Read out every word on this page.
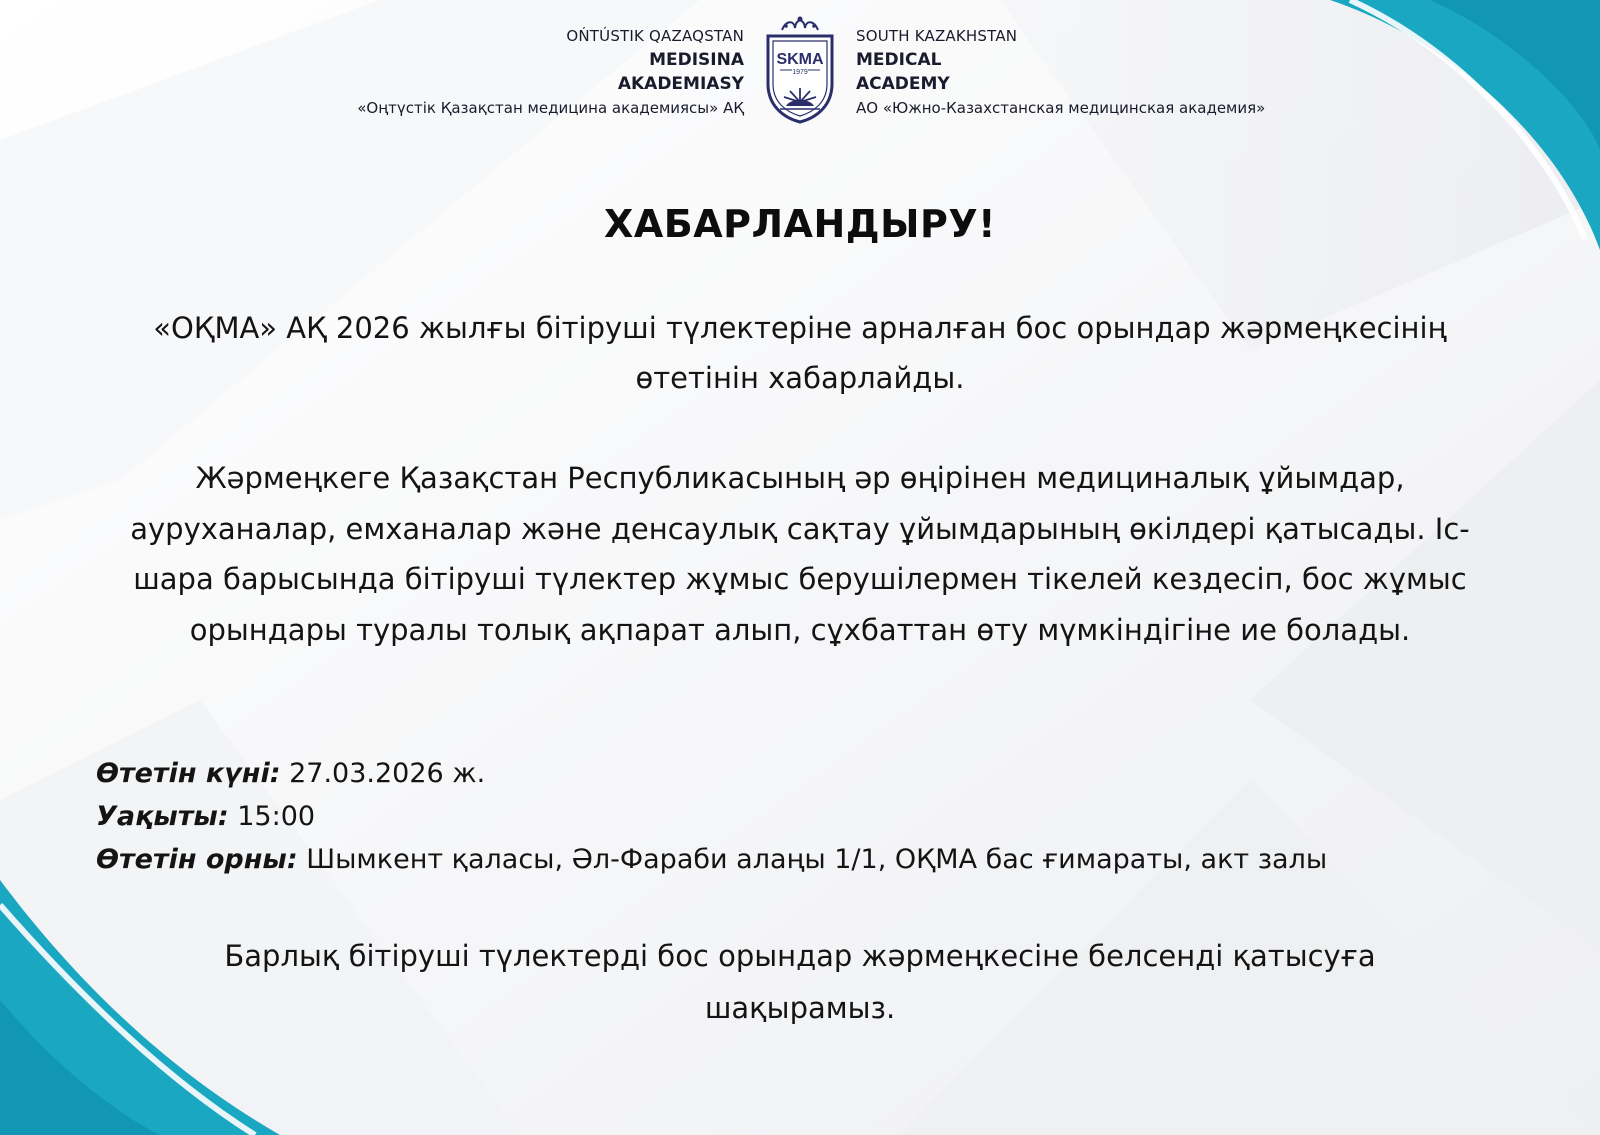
OŃTÚSTIK QAZAQSTAN
MEDISINA
AKADEMIASY
«Оңтүстік Қазақстан медицина академиясы» АҚ
SKMA
1979
SOUTH KAZAKHSTAN
MEDICAL
ACADEMY
АО «Южно-Казахстанская медицинская академия»
ХАБАРЛАНДЫРУ!
«ОҚМА» АҚ 2026 жылғы бітіруші түлектеріне арналған бос орындар жәрмеңкесінің өтетінін хабарлайды.
Жәрмеңкеге Қазақстан Республикасының әр өңірінен медициналық ұйымдар, ауруханалар, емханалар және денсаулық сақтау ұйымдарының өкілдері қатысады. Іс-шара барысында бітіруші түлектер жұмыс берушілермен тікелей кездесіп, бос жұмыс орындары туралы толық ақпарат алып, сұхбаттан өту мүмкіндігіне ие болады.
Өтетін күні: 27.03.2026 ж.
Уақыты: 15:00
Өтетін орны: Шымкент қаласы, Әл-Фараби алаңы 1/1, ОҚМА бас ғимараты, акт залы
Барлық бітіруші түлектерді бос орындар жәрмеңкесіне белсенді қатысуға шақырамыз.
